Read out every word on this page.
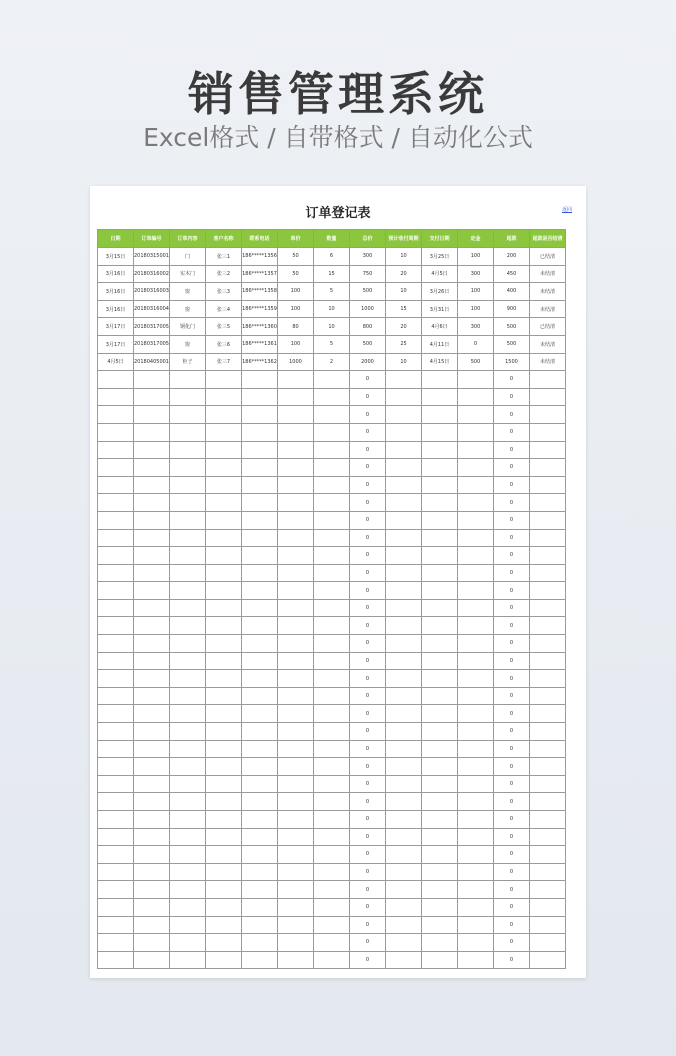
销售管理系统
Excel格式 / 自带格式 / 自动化公式
订单登记表	返回
日期	订单编号	订单内容	客户名称	联系电话	单价	数量	总价	预计收付周期	交付日期	定金	尾款	尾款是否结清
3月15日	20180315001	门	张三1	186*****1356	50	6	300	10	3月25日	100	200	已结清
3月16日	20180316002	实木门	张三2	186*****1357	50	15	750	20	4月5日	300	450	未结清
3月16日	20180316003	窗	张三3	186*****1358	100	5	500	10	3月26日	100	400	未结清
3月16日	20180316004	窗	张三4	186*****1359	100	10	1000	15	3月31日	100	900	未结清
3月17日	20180317005	钢化门	张三5	186*****1360	80	10	800	20	4月6日	300	500	已结清
3月17日	20180317005	窗	张三6	186*****1361	100	5	500	25	4月11日	0	500	未结清
4月5日	20180405001	柜子	张三7	186*****1362	1000	2	2000	10	4月15日	500	1500	未结清
							0				0	
							0				0	
							0				0	
							0				0	
							0				0	
							0				0	
							0				0	
							0				0	
							0				0	
							0				0	
							0				0	
							0				0	
							0				0	
							0				0	
							0				0	
							0				0	
							0				0	
							0				0	
							0				0	
							0				0	
							0				0	
							0				0	
							0				0	
							0				0	
							0				0	
							0				0	
							0				0	
							0				0	
							0				0	
							0				0	
							0				0	
							0				0	
							0				0	
							0				0	
